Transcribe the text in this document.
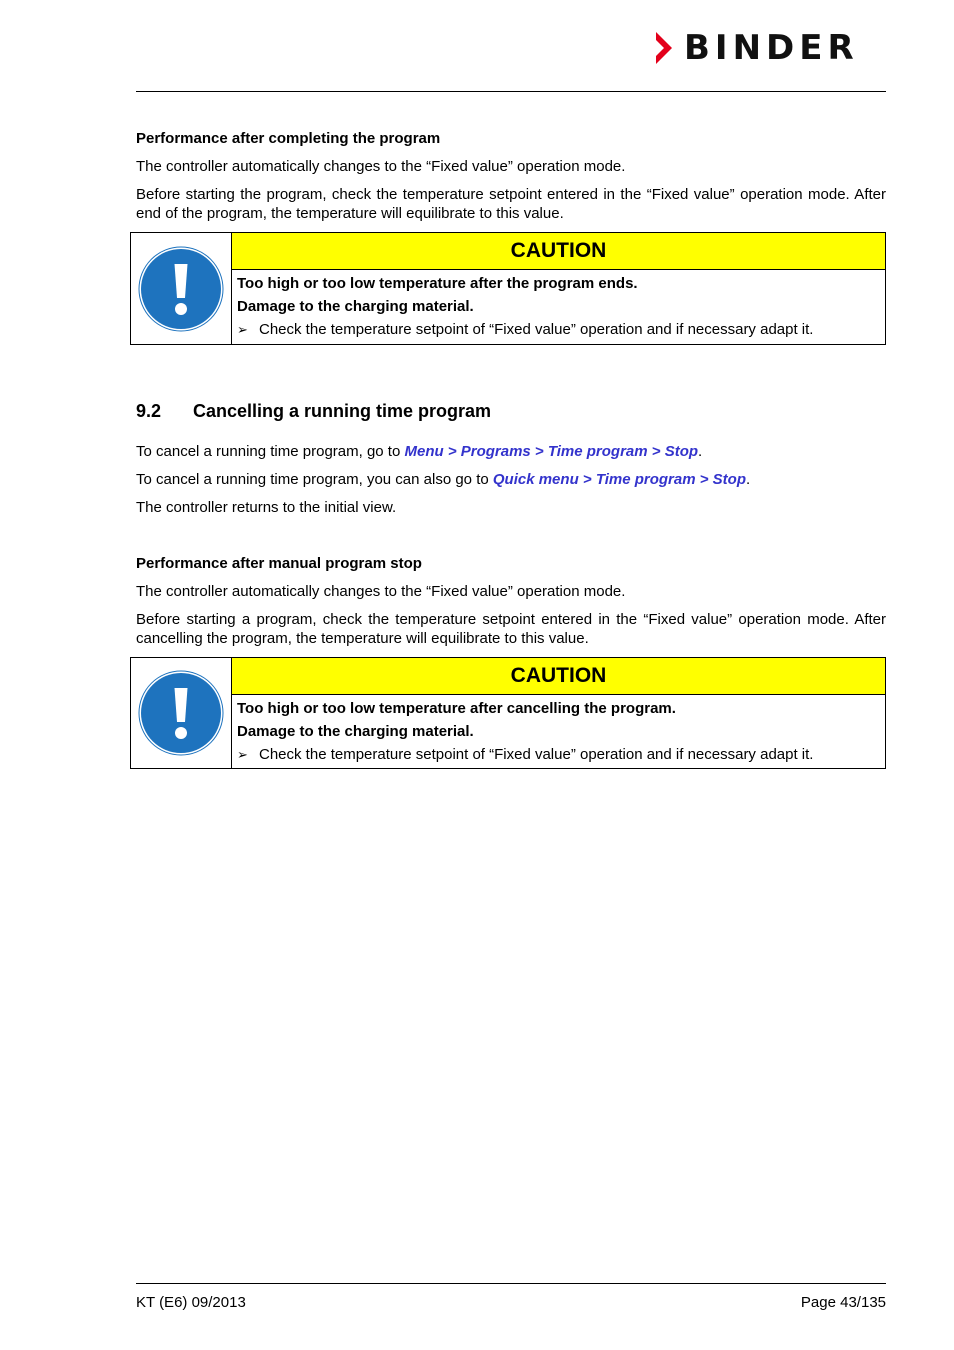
BINDER

Performance after completing the program

The controller automatically changes to the “Fixed value” operation mode.

Before starting the program, check the temperature setpoint entered in the “Fixed value” operation mode. After end of the program, the temperature will equilibrate to this value.

CAUTION
Too high or too low temperature after the program ends.
Damage to the charging material.
➢ Check the temperature setpoint of “Fixed value” operation and if necessary adapt it.
9.2 Cancelling a running time program

To cancel a running time program, go to Menu > Programs > Time program > Stop.

To cancel a running time program, you can also go to Quick menu > Time program > Stop.

The controller returns to the initial view.

Performance after manual program stop

The controller automatically changes to the “Fixed value” operation mode.

Before starting a program, check the temperature setpoint entered in the “Fixed value” operation mode. After cancelling the program, the temperature will equilibrate to this value.

CAUTION
Too high or too low temperature after cancelling the program.
Damage to the charging material.
➢ Check the temperature setpoint of “Fixed value” operation and if necessary adapt it.
KT (E6) 09/2013	Page 43/135
